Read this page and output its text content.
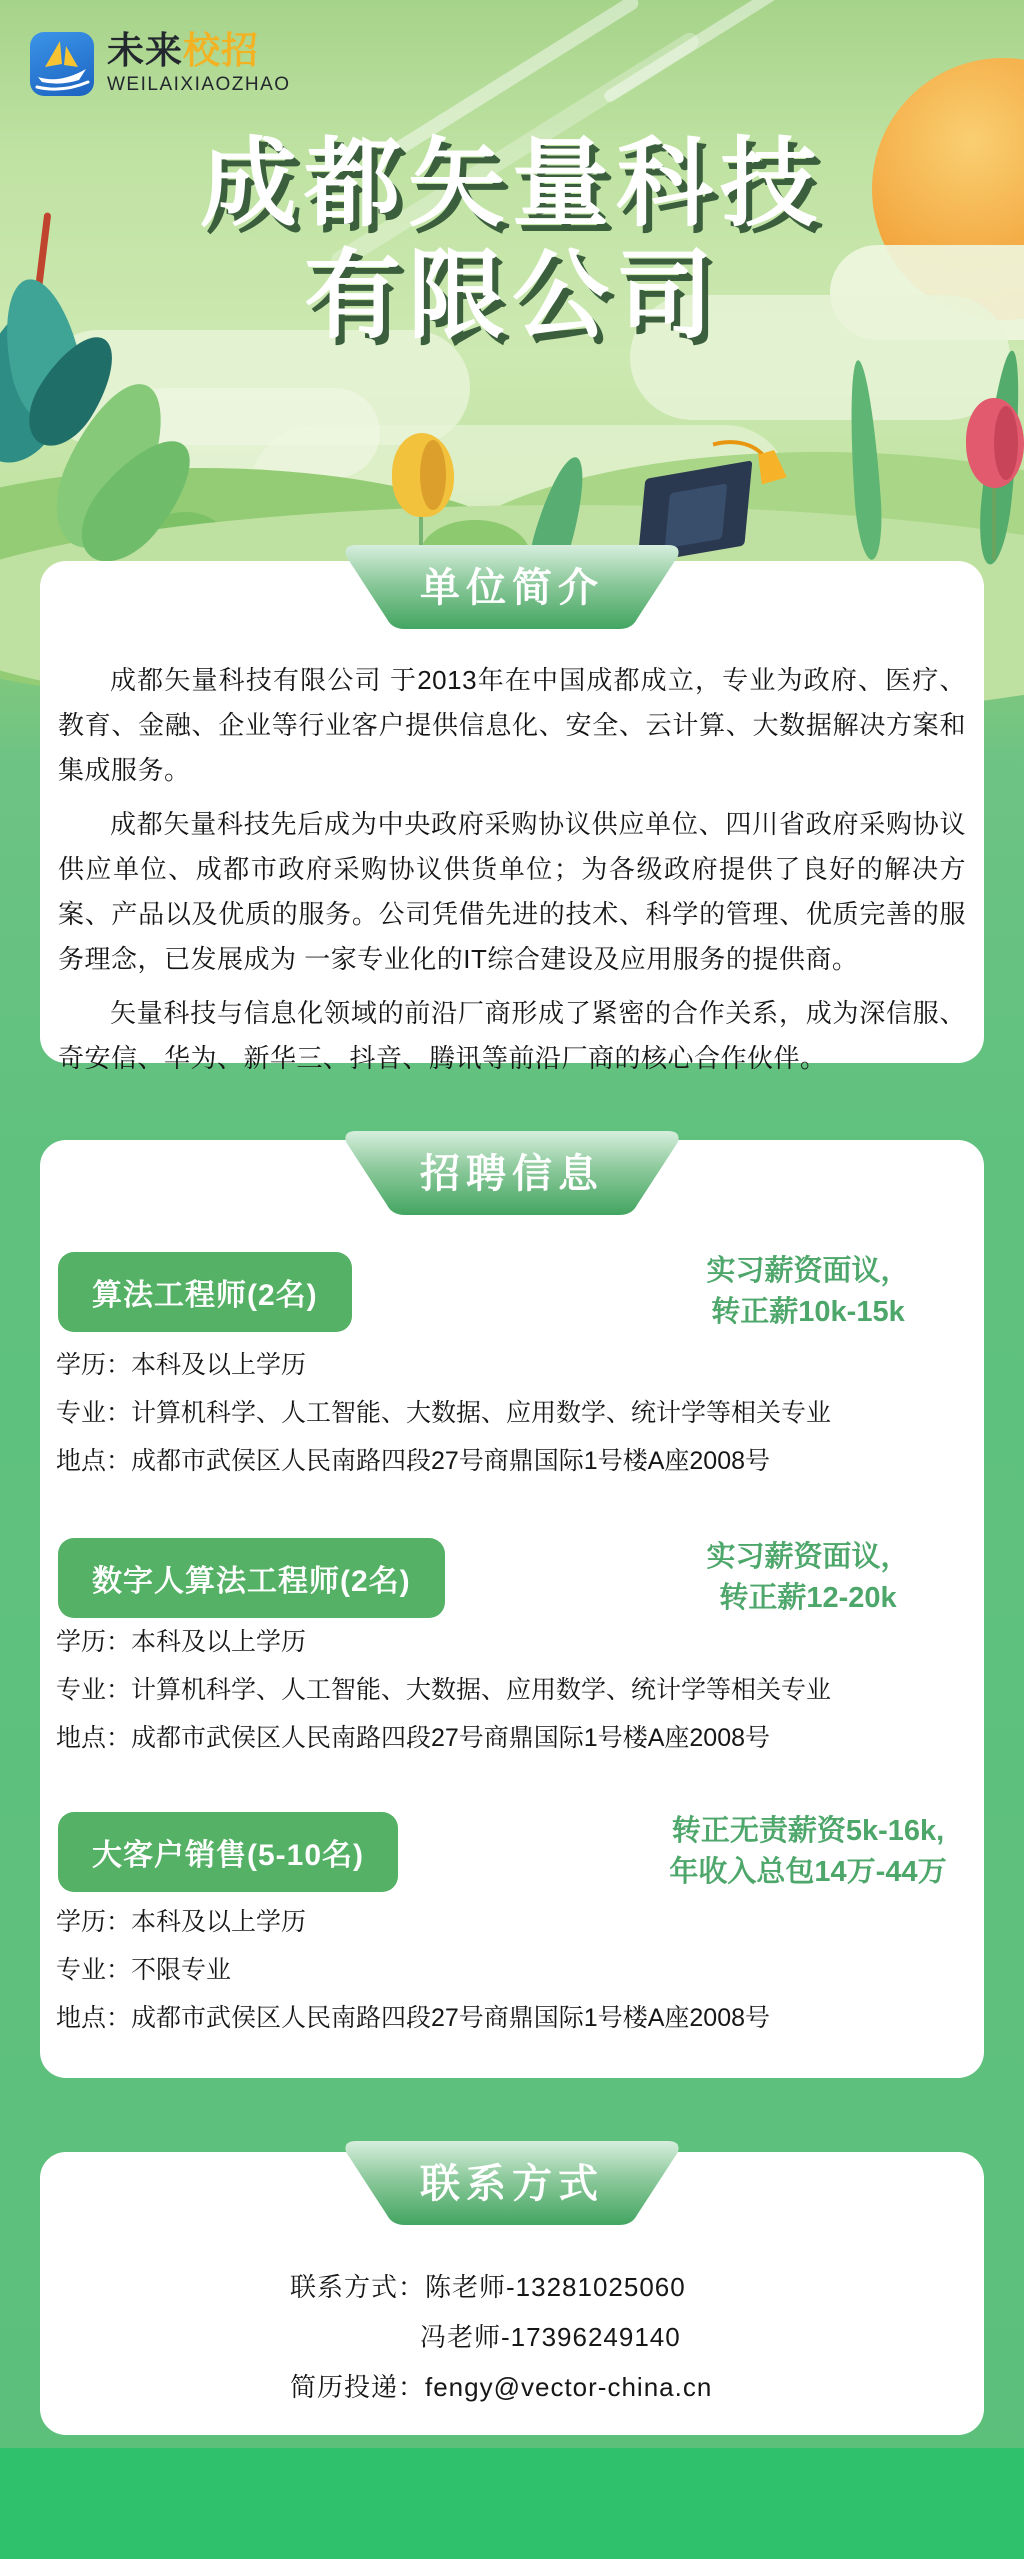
未来校招
WEILAIXIAOZHAO
成都矢量科技
有限公司
单位简介

成都矢量科技有限公司 于2013年在中国成都成立，专业为政府、医疗、教育、金融、企业等行业客户提供信息化、安全、云计算、大数据解决方案和集成服务。

成都矢量科技先后成为中央政府采购协议供应单位、四川省政府采购协议供应单位、成都市政府采购协议供货单位；为各级政府提供了良好的解决方案、产品以及优质的服务。公司凭借先进的技术、科学的管理、优质完善的服务理念，已发展成为 一家专业化的IT综合建设及应用服务的提供商。

矢量科技与信息化领域的前沿厂商形成了紧密的合作关系，成为深信服、奇安信、华为、新华三、抖音、腾讯等前沿厂商的核心合作伙伴。

招聘信息
算法工程师(2名)
实习薪资面议，
转正薪10k-15k

学历：本科及以上学历

专业：计算机科学、人工智能、大数据、应用数学、统计学等相关专业

地点：成都市武侯区人民南路四段27号商鼎国际1号楼A座2008号

数字人算法工程师(2名)
实习薪资面议，
转正薪12-20k

学历：本科及以上学历

专业：计算机科学、人工智能、大数据、应用数学、统计学等相关专业

地点：成都市武侯区人民南路四段27号商鼎国际1号楼A座2008号

大客户销售(5-10名)
转正无责薪资5k-16k,
年收入总包14万-44万

学历：本科及以上学历

专业：不限专业

地点：成都市武侯区人民南路四段27号商鼎国际1号楼A座2008号

联系方式
联系方式：陈老师-13281025060
冯老师-17396249140
简历投递：fengy@vector-china.cn
